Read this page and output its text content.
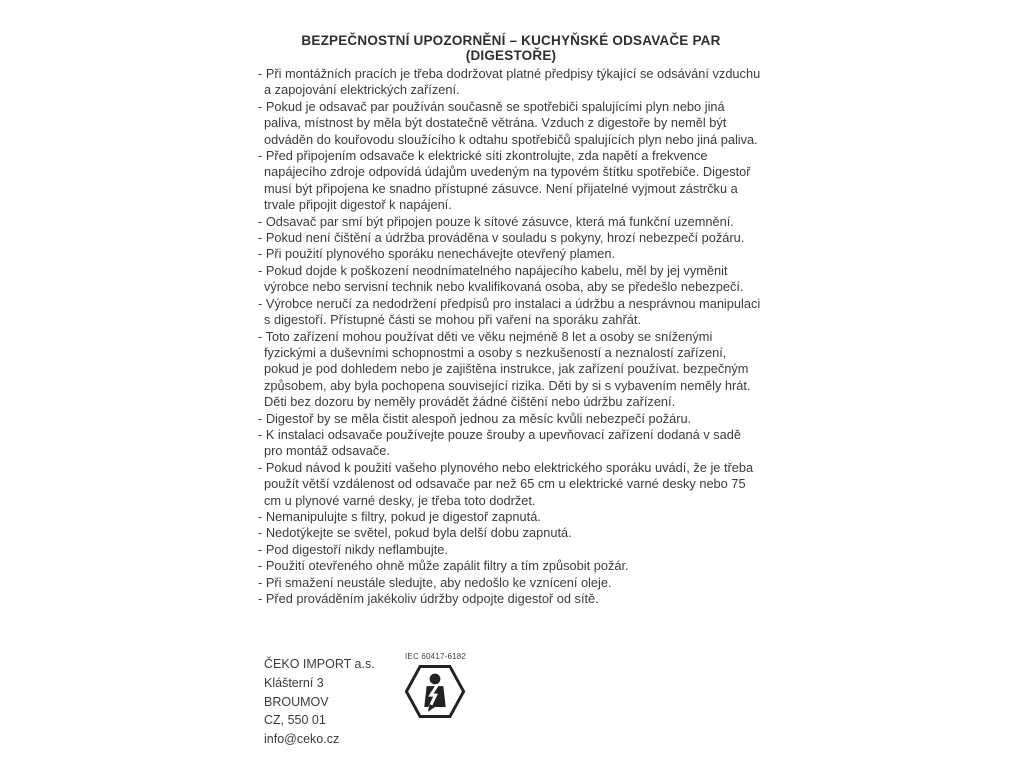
BEZPEČNOSTNÍ UPOZORNĚNÍ – KUCHYŇSKÉ ODSAVAČE PAR (DIGESTOŘE)
- Při montážních pracích je třeba dodržovat platné předpisy týkající se odsávání vzduchu a zapojování elektrických zařízení.
- Pokud je odsavač par používán současně se spotřebiči spalujícími plyn nebo jiná paliva, místnost by měla být dostatečně větrána. Vzduch z digestoře by neměl být odváděn do kouřovodu sloužícího k odtahu spotřebičů spalujících plyn nebo jiná paliva.
- Před připojením odsavače k elektrické síti zkontrolujte, zda napětí a frekvence napájecího zdroje odpovídá údajům uvedeným na typovém štítku spotřebiče. Digestoř musí být připojena ke snadno přístupné zásuvce. Není přijatelné vyjmout zástrčku a trvale připojit digestoř k napájení.
- Odsavač par smí být připojen pouze k sítové zásuvce, která má funkční uzemnění.
- Pokud není čištění a údržba prováděna v souladu s pokyny, hrozí nebezpečí požáru.
- Při použití plynového sporáku nenechávejte otevřený plamen.
- Pokud dojde k poškození neodnímatelného napájecího kabelu, měl by jej vyměnit výrobce nebo servisní technik nebo kvalifikovaná osoba, aby se předešlo nebezpečí.
- Výrobce neručí za nedodržení předpisů pro instalaci a údržbu a nesprávnou manipulaci s digestoří. Přístupné části se mohou při vaření na sporáku zahřát.
- Toto zařízení mohou používat děti ve věku nejméně 8 let a osoby se sníženými fyzickými a duševními schopnostmi a osoby s nezkušeností a neznalostí zařízení, pokud je pod dohledem nebo je zajištěna instrukce, jak zařízení používat. bezpečným způsobem, aby byla pochopena související rizika. Děti by si s vybavením neměly hrát. Děti bez dozoru by neměly provádět žádné čištění nebo údržbu zařízení.
- Digestoř by se měla čistit alespoň jednou za měsíc kvůli nebezpečí požáru.
- K instalaci odsavače používejte pouze šrouby a upevňovací zařízení dodaná v sadě pro montáž odsavače.
- Pokud návod k použití vašeho plynového nebo elektrického sporáku uvádí, že je třeba použít větší vzdálenost od odsavače par než 65 cm u elektrické varné desky nebo 75 cm u plynové varné desky, je třeba toto dodržet.
- Nemanipulujte s filtry, pokud je digestoř zapnutá.
- Nedotýkejte se světel, pokud byla delší dobu zapnutá.
- Pod digestoří nikdy neflambujte.
- Použití otevřeného ohně může zapálit filtry a tím způsobit požár.
- Při smažení neustále sledujte, aby nedošlo ke vznícení oleje.
- Před prováděním jakékoliv údržby odpojte digestoř od sítě.
ČEKO IMPORT a.s.
Klášterní 3
BROUMOV
CZ, 550 01
info@ceko.cz
IEC 60417-6182
